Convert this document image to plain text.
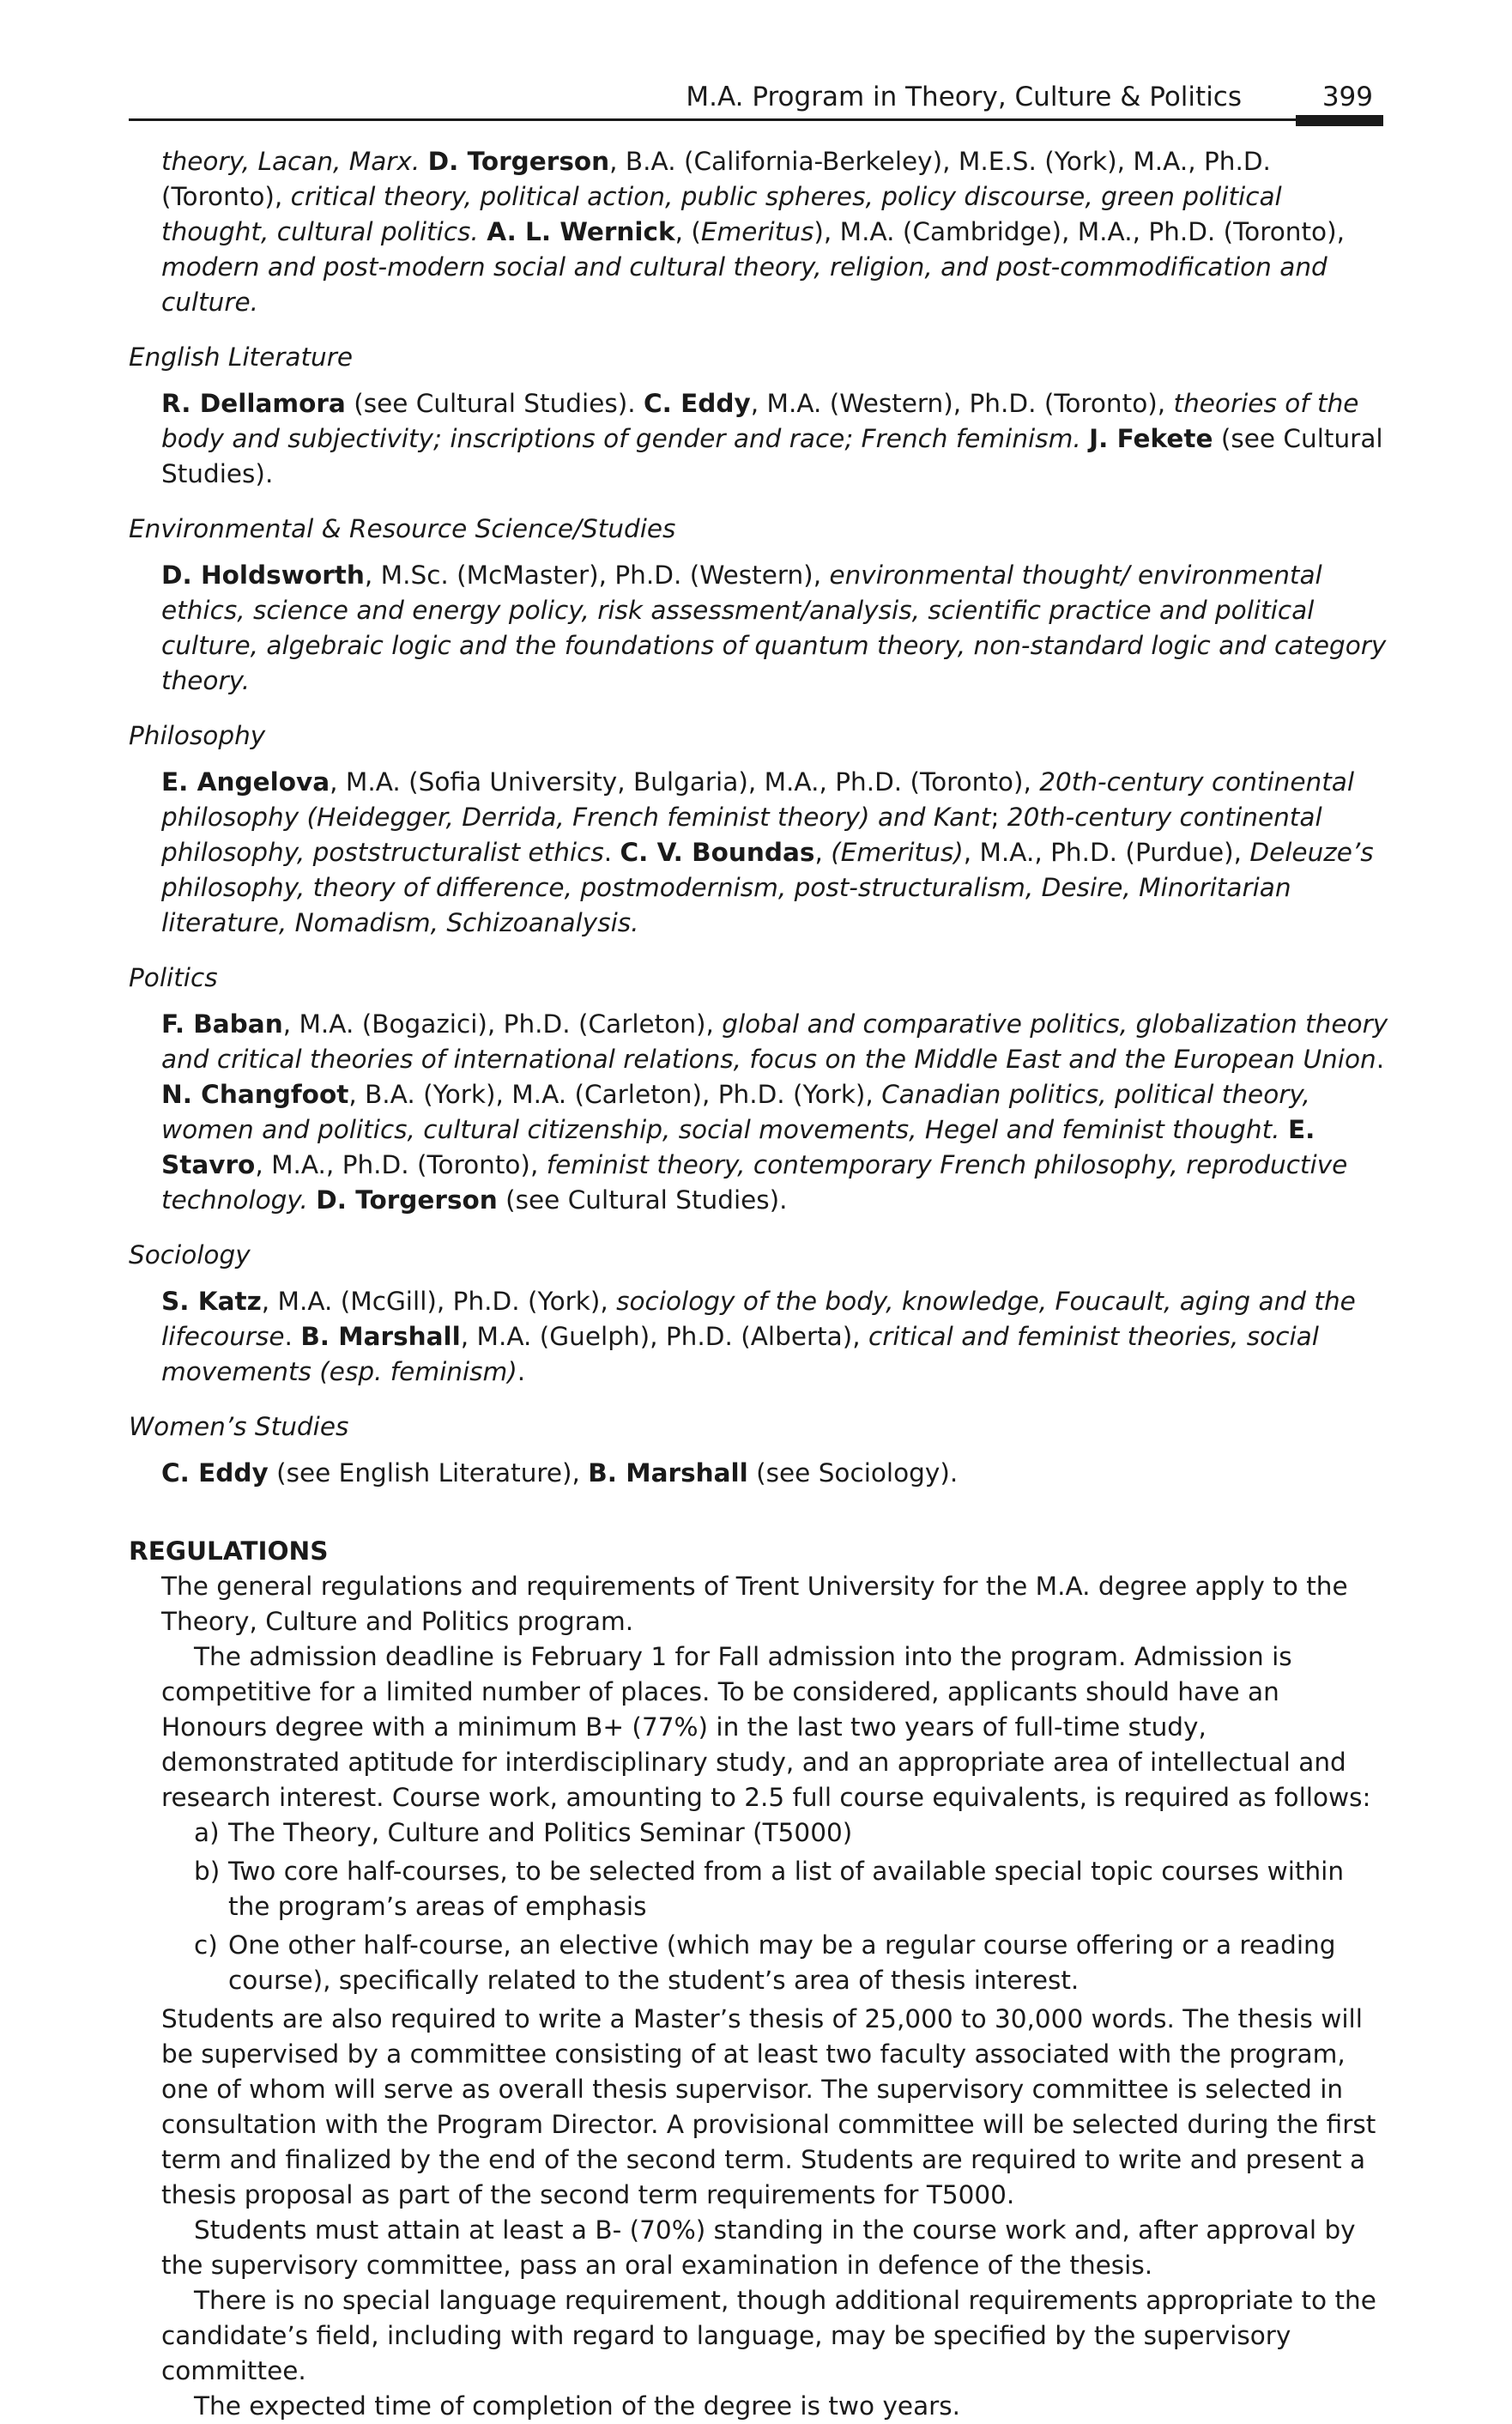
M.A. Program in Theory, Culture & Politics	399

theory, Lacan, Marx. D. Torgerson, B.A. (California-Berkeley), M.E.S. (York), M.A., Ph.D. (Toronto), critical theory, political action, public spheres, policy discourse, green political thought, cultural politics. A. L. Wernick, (Emeritus), M.A. (Cambridge), M.A., Ph.D. (Toronto), modern and post-modern social and cultural theory, religion, and post-commodification and culture.

English Literature

R. Dellamora (see Cultural Studies). C. Eddy, M.A. (Western), Ph.D. (Toronto), theories of the body and subjectivity; inscriptions of gender and race; French feminism. J. Fekete (see Cultural Studies).

Environmental & Resource Science/Studies

D. Holdsworth, M.Sc. (McMaster), Ph.D. (Western), environmental thought/ environmental ethics, science and energy policy, risk assessment/analysis, scientific practice and political culture, algebraic logic and the foundations of quantum theory, non-standard logic and category theory.

Philosophy

E. Angelova, M.A. (Sofia University, Bulgaria), M.A., Ph.D. (Toronto), 20th-century continental philosophy (Heidegger, Derrida, French feminist theory) and Kant; 20th-century continental philosophy, poststructuralist ethics. C. V. Boundas, (Emeritus), M.A., Ph.D. (Purdue), Deleuze’s philosophy, theory of difference, postmodernism, post-structuralism, Desire, Minoritarian literature, Nomadism, Schizoanalysis.

Politics

F. Baban, M.A. (Bogazici), Ph.D. (Carleton), global and comparative politics, globalization theory and critical theories of international relations, focus on the Middle East and the European Union. N. Changfoot, B.A. (York), M.A. (Carleton), Ph.D. (York), Canadian politics, political theory, women and politics, cultural citizenship, social movements, Hegel and feminist thought. E. Stavro, M.A., Ph.D. (Toronto), feminist theory, contemporary French philosophy, reproductive technology. D. Torgerson (see Cultural Studies).

Sociology

S. Katz, M.A. (McGill), Ph.D. (York), sociology of the body, knowledge, Foucault, aging and the lifecourse. B. Marshall, M.A. (Guelph), Ph.D. (Alberta), critical and feminist theories, social movements (esp. feminism).

Women’s Studies

C. Eddy (see English Literature), B. Marshall (see Sociology).

REGULATIONS

The general regulations and requirements of Trent University for the M.A. degree apply to the Theory, Culture and Politics program.

The admission deadline is February 1 for Fall admission into the program. Admission is competitive for a limited number of places. To be considered, applicants should have an Honours degree with a minimum B+ (77%) in the last two years of full-time study, demonstrated aptitude for interdisciplinary study, and an appropriate area of intellectual and research interest. Course work, amounting to 2.5 full course equivalents, is required as follows:

a) The Theory, Culture and Politics Seminar (T5000)
b) Two core half-courses, to be selected from a list of available special topic courses within the program’s areas of emphasis
c) One other half-course, an elective (which may be a regular course offering or a reading course), specifically related to the student’s area of thesis interest.

Students are also required to write a Master’s thesis of 25,000 to 30,000 words. The thesis will be supervised by a committee consisting of at least two faculty associated with the program, one of whom will serve as overall thesis supervisor. The supervisory committee is selected in consultation with the Program Director. A provisional committee will be selected during the first term and finalized by the end of the second term. Students are required to write and present a thesis proposal as part of the second term requirements for T5000.

Students must attain at least a B- (70%) standing in the course work and, after approval by the supervisory committee, pass an oral examination in defence of the thesis.

There is no special language requirement, though additional requirements appropriate to the candidate’s field, including with regard to language, may be specified by the supervisory committee.

The expected time of completion of the degree is two years.
